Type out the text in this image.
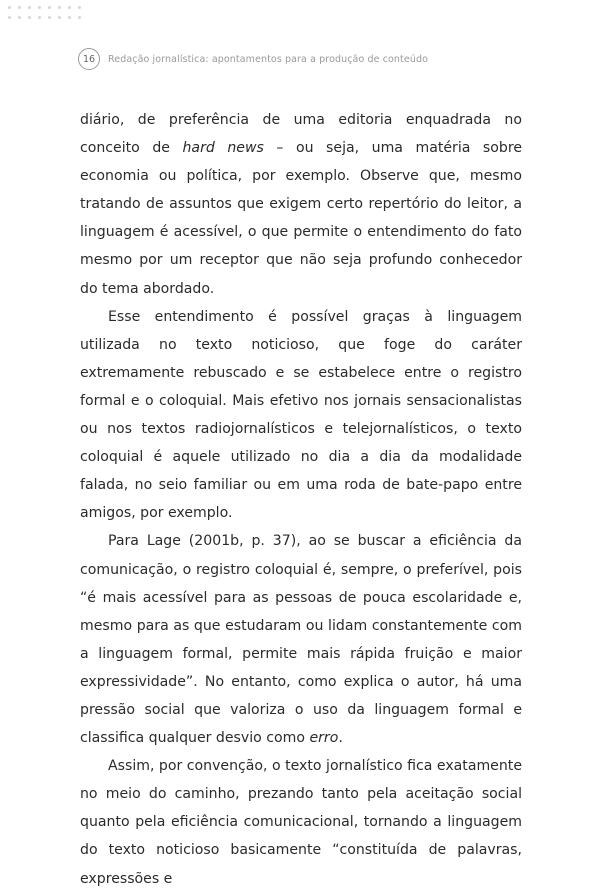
16	Redação jornalística: apontamentos para a produção de conteúdo

diário, de preferência de uma editoria enquadrada no conceito de hard news – ou seja, uma matéria sobre economia ou política, por exemplo. Observe que, mesmo tratando de assuntos que exigem certo repertório do leitor, a linguagem é acessível, o que permite o entendimento do fato mesmo por um receptor que não seja profundo conhecedor do tema abordado.

Esse entendimento é possível graças à linguagem utilizada no texto noticioso, que foge do caráter extremamente rebuscado e se estabelece entre o registro formal e o coloquial. Mais efetivo nos jornais sensacionalistas ou nos textos radiojornalísticos e telejornalísticos, o texto coloquial é aquele utilizado no dia a dia da modalidade falada, no seio familiar ou em uma roda de bate-papo entre amigos, por exemplo.

Para Lage (2001b, p. 37), ao se buscar a eficiência da comunicação, o registro coloquial é, sempre, o preferível, pois “é mais acessível para as pessoas de pouca escolaridade e, mesmo para as que estudaram ou lidam constantemente com a linguagem formal, permite mais rápida fruição e maior expressividade”. No entanto, como explica o autor, há uma pressão social que valoriza o uso da linguagem formal e classifica qualquer desvio como erro.

Assim, por convenção, o texto jornalístico fica exatamente no meio do caminho, prezando tanto pela aceitação social quanto pela eficiência comunicacional, tornando a linguagem do texto noticioso basicamente “constituída de palavras, expressões e
